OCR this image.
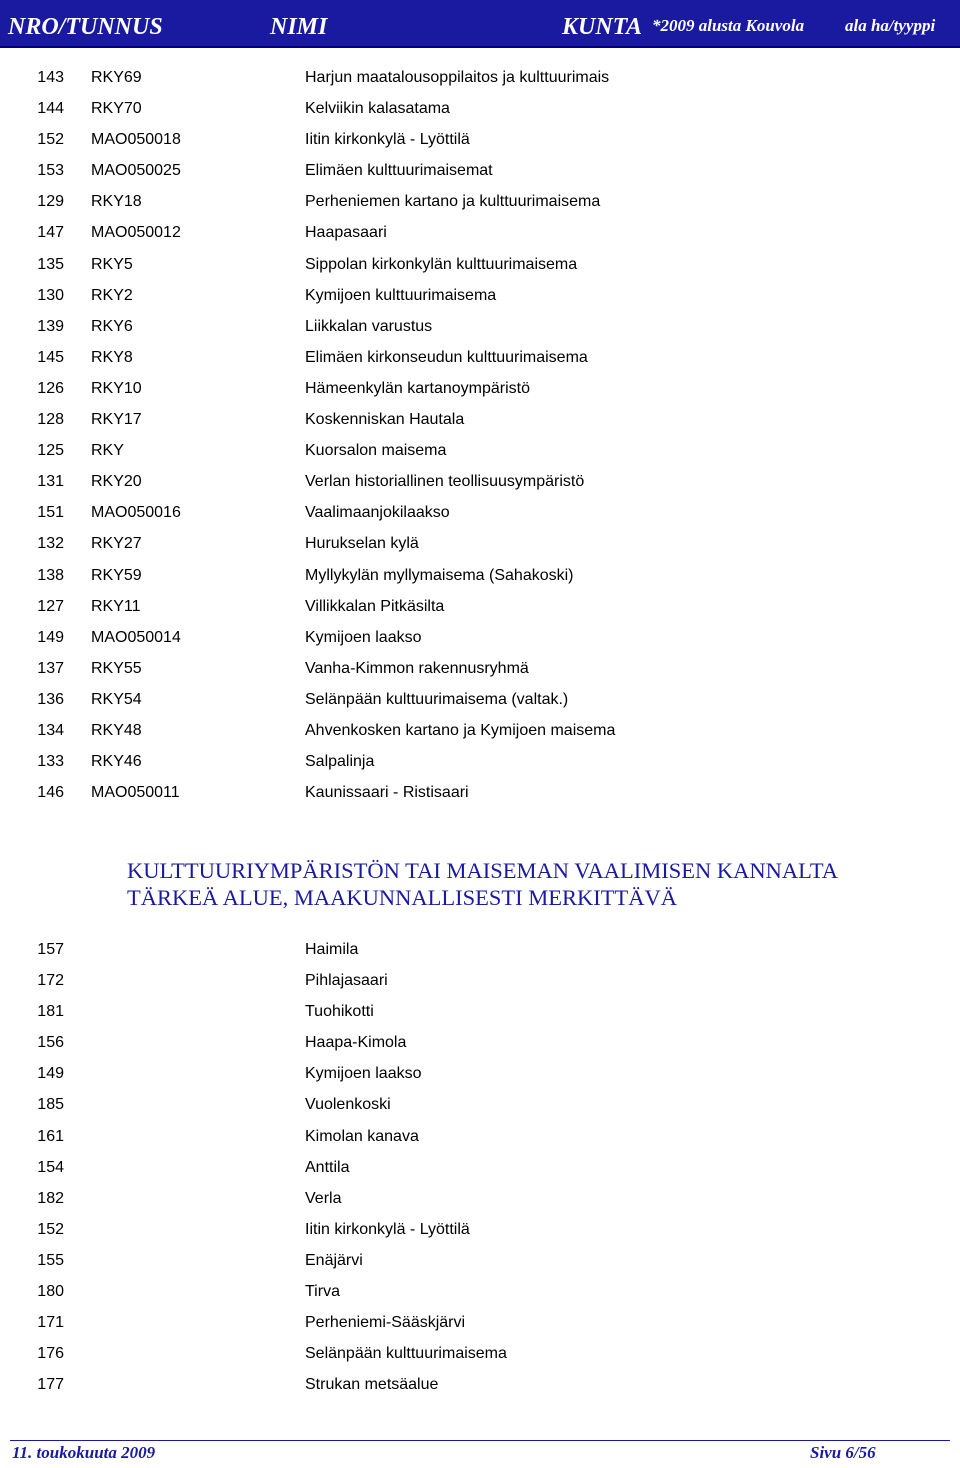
NRO/TUNNUS	NIMI	KUNTA *2009 alusta Kouvola ala ha/tyyppi
143 RKY69	Harjun maatalousoppilaitos ja kulttuurimais
144 RKY70	Kelviikin kalasatama
152 MAO050018	Iitin kirkonkylä - Lyöttilä
153 MAO050025	Elimäen kulttuurimaisemat
129 RKY18	Perheniemen kartano ja kulttuurimaisema
147 MAO050012	Haapasaari
135 RKY5	Sippolan kirkonkylän kulttuurimaisema
130 RKY2	Kymijoen kulttuurimaisema
139 RKY6	Liikkalan varustus
145 RKY8	Elimäen kirkonseudun kulttuurimaisema
126 RKY10	Hämeenkylän kartanoympäristö
128 RKY17	Koskenniskan Hautala
125 RKY	Kuorsalon maisema
131 RKY20	Verlan historiallinen teollisuusympäristö
151 MAO050016	Vaalimaanjokilaakso
132 RKY27	Hurukselan kylä
138 RKY59	Myllykylän myllymaisema (Sahakoski)
127 RKY11	Villikkalan Pitkäsilta
149 MAO050014	Kymijoen laakso
137 RKY55	Vanha-Kimmon rakennusryhmä
136 RKY54	Selänpään kulttuurimaisema (valtak.)
134 RKY48	Ahvenkosken kartano ja Kymijoen maisema
133 RKY46	Salpalinja
146 MAO050011	Kaunissaari - Ristisaari
KULTTUURIYMPÄRISTÖN TAI MAISEMAN VAALIMISEN KANNALTA
TÄRKEÄ ALUE, MAAKUNNALLISESTI MERKITTÄVÄ
157	Haimila
172	Pihlajasaari
181	Tuohikotti
156	Haapa-Kimola
149	Kymijoen laakso
185	Vuolenkoski
161	Kimolan kanava
154	Anttila
182	Verla
152	Iitin kirkonkylä - Lyöttilä
155	Enäjärvi
180	Tirva
171	Perheniemi-Sääskjärvi
176	Selänpään kulttuurimaisema
177	Strukan metsäalue
11. toukokuuta 2009	Sivu 6/56
